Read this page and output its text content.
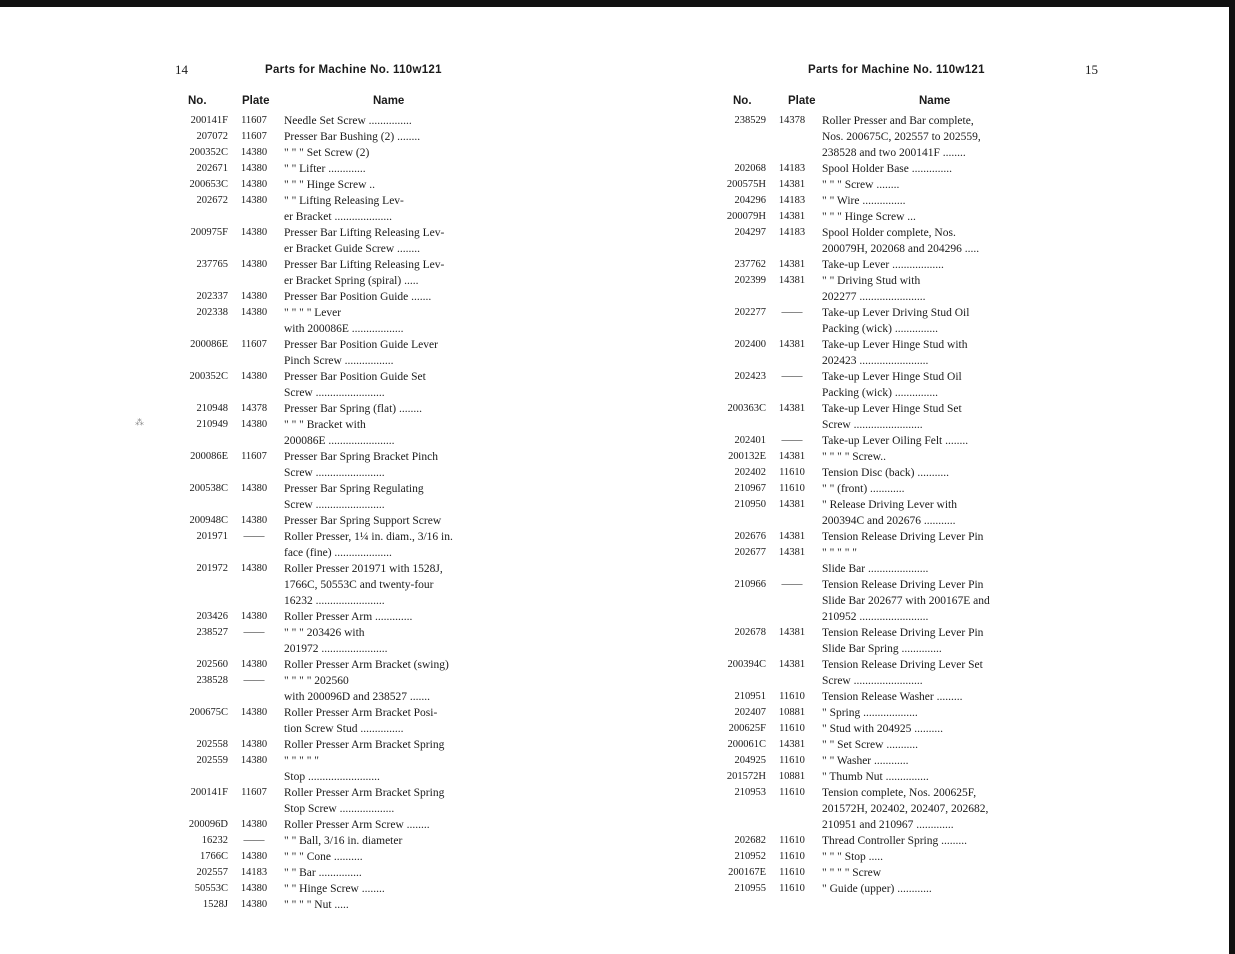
14	Parts for Machine No. 110w121
No.	Plate	Name
200141F	11607	Needle Set Screw ...............
207072	11607	Presser Bar Bushing (2) ........
200352C	14380	" " " Set Screw (2)
202671	14380	" " Lifter .............
200653C	14380	" " " Hinge Screw ..
202672	14380	" " Lifting Releasing Lev-
er Bracket ....................
200975F	14380	Presser Bar Lifting Releasing Lev-
er Bracket Guide Screw ........
237765	14380	Presser Bar Lifting Releasing Lev-
er Bracket Spring (spiral) .....
202337	14380	Presser Bar Position Guide .......
202338	14380	" " " " Lever
with 200086E ..................
200086E	11607	Presser Bar Position Guide Lever
Pinch Screw .................
200352C	14380	Presser Bar Position Guide Set
Screw ........................
210948	14378	Presser Bar Spring (flat) ........
210949	14380	" " " Bracket with
200086E .......................
200086E	11607	Presser Bar Spring Bracket Pinch
Screw ........................
200538C	14380	Presser Bar Spring Regulating
Screw ........................
200948C	14380	Presser Bar Spring Support Screw
201971	——	Roller Presser, 1¼ in. diam., 3/16 in.
face (fine) ....................
201972	14380	Roller Presser 201971 with 1528J,
1766C, 50553C and twenty-four
16232 ........................
203426	14380	Roller Presser Arm .............
238527	——	" " " 203426 with
201972 .......................
202560	14380	Roller Presser Arm Bracket (swing)
238528	——	" " " " 202560
with 200096D and 238527 .......
200675C	14380	Roller Presser Arm Bracket Posi-
tion Screw Stud ...............
202558	14380	Roller Presser Arm Bracket Spring
202559	14380	" " " " "
Stop .........................
200141F	11607	Roller Presser Arm Bracket Spring
Stop Screw ...................
200096D	14380	Roller Presser Arm Screw ........
16232	——	" " Ball, 3/16 in. diameter
1766C	14380	" " " Cone ..........
202557	14183	" " Bar ...............
50553C	14380	" " Hinge Screw ........
1528J	14380	" " " " Nut .....
15
Parts for Machine No. 110w121
No.	Plate	Name
238529	14378	Roller Presser and Bar complete,
Nos. 200675C, 202557 to 202559,
238528 and two 200141F ........
202068	14183	Spool Holder Base ..............
200575H	14381	" " " Screw ........
204296	14183	" " Wire ...............
200079H	14381	" " " Hinge Screw ...
204297	14183	Spool Holder complete, Nos.
200079H, 202068 and 204296 .....
237762	14381	Take-up Lever ..................
202399	14381	" " Driving Stud with
202277 .......................
202277	——	Take-up Lever Driving Stud Oil
Packing (wick) ...............
202400	14381	Take-up Lever Hinge Stud with
202423 ........................
202423	——	Take-up Lever Hinge Stud Oil
Packing (wick) ...............
200363C	14381	Take-up Lever Hinge Stud Set
Screw ........................
202401	——	Take-up Lever Oiling Felt ........
200132E	14381	" " " " Screw..
202402	11610	Tension Disc (back) ...........
210967	11610	" " (front) ............
210950	14381	" Release Driving Lever with
200394C and 202676 ...........
202676	14381	Tension Release Driving Lever Pin
202677	14381	" " " " "
Slide Bar .....................
210966	——	Tension Release Driving Lever Pin
Slide Bar 202677 with 200167E and
210952 ........................
202678	14381	Tension Release Driving Lever Pin
Slide Bar Spring ..............
200394C	14381	Tension Release Driving Lever Set
Screw ........................
210951	11610	Tension Release Washer .........
202407	10881	" Spring ...................
200625F	11610	" Stud with 204925 ..........
200061C	14381	" " Set Screw ...........
204925	11610	" " Washer ............
201572H	10881	" Thumb Nut ...............
210953	11610	Tension complete, Nos. 200625F,
201572H, 202402, 202407, 202682,
210951 and 210967 .............
202682	11610	Thread Controller Spring .........
210952	11610	" " " Stop .....
200167E	11610	" " " " Screw
210955	11610	" Guide (upper) ............
⁂
